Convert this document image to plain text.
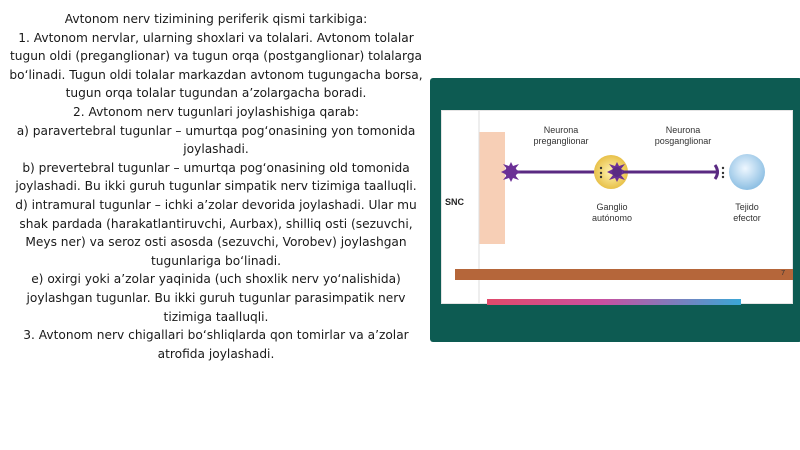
Avtonom nerv tizimining periferik qismi tarkibiga:

1. Avtonom nervlar, ularning shoxlari va tolalari. Avtonom tolalar tugun oldi (preganglionar) va tugun orqa (postganglionar) tolalarga bo‘linadi. Tugun oldi tolalar markazdan avtonom tugungacha borsa, tugun orqa tolalar tugundan a’zolargacha boradi.

2. Avtonom nerv tugunlari joylashishiga qarab:

a) paravertebral tugunlar – umurtqa pog‘onasining yon tomonida joylashadi.

b) prevertebral tugunlar – umurtqa pog‘onasining old tomonida joylashadi. Bu ikki guruh tugunlar simpatik nerv tizimiga taalluqli.

d) intramural tugunlar – ichki a’zolar devorida joylashadi. Ular mu shak pardada (harakatlantiruvchi, Aurbax), shilliq osti (sezuvchi,

Meys ner) va seroz osti asosda (sezuvchi, Vorobev) joylashgan tugunlariga bo‘linadi.

e) oxirgi yoki a’zolar yaqinida (uch shoxlik nerv yo‘nalishida) joylashgan tugunlar. Bu ikki guruh tugunlar parasimpatik nerv tizimiga taalluqli.

3. Avtonom nerv chigallari bo‘shliqlarda qon tomirlar va a’zolar atrofida joylashadi.

Neurona
preganglionar
Neurona
posganglionar
Ganglio
autónomo
Tejido
efector
SNC
7
